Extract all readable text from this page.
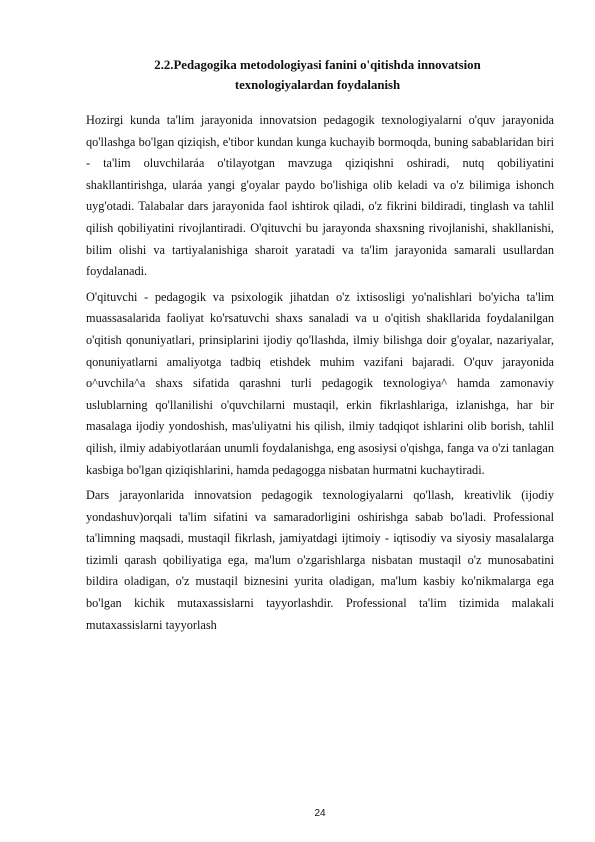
2.2.Pedagogika metodologiyasi fanini o'qitishda innovatsion
texnologiyalardan foydalanish

Hozirgi kunda ta'lim jarayonida innovatsion pedagogik texnologiyalarni o'quv jarayonida qo'llashga bo'lgan qiziqish, e'tibor kundan kunga kuchayib bormoqda, buning sabablaridan biri - ta'lim oluvchilaráa o'tilayotgan mavzuga qiziqishni oshiradi, nutq qobiliyatini shakllantirishga, ularáa yangi g'oyalar paydo bo'lishiga olib keladi va o'z bilimiga ishonch uyg'otadi. Talabalar dars jarayonida faol ishtirok qiladi, o'z fikrini bildiradi, tinglash va tahlil qilish qobiliyatini rivojlantiradi. O'qituvchi bu jarayonda shaxsning rivojlanishi, shakllanishi, bilim olishi va tartiyalanishiga sharoit yaratadi va ta'lim jarayonida samarali usullardan foydalanadi.

O'qituvchi - pedagogik va psixologik jihatdan o'z ixtisosligi yo'nalishlari bo'yicha ta'lim muassasalarida faoliyat ko'rsatuvchi shaxs sanaladi va u o'qitish shakllarida foydalanilgan o'qitish qonuniyatlari, prinsiplarini ijodiy qo'llashda, ilmiy bilishga doir g'oyalar, nazariyalar, qonuniyatlarni amaliyotga tadbiq etishdek muhim vazifani bajaradi. O'quv jarayonida o^uvchila^a shaxs sifatida qarashni turli pedagogik texnologiya^ hamda zamonaviy uslublarning qo'llanilishi o'quvchilarni mustaqil, erkin fikrlashlariga, izlanishga, har bir masalaga ijodiy yondoshish, mas'uliyatni his qilish, ilmiy tadqiqot ishlarini olib borish, tahlil qilish, ilmiy adabiyotlaráan unumli foydalanishga, eng asosiysi o'qishga, fanga va o'zi tanlagan kasbiga bo'lgan qiziqishlarini, hamda pedagogga nisbatan hurmatni kuchaytiradi.

Dars jarayonlarida innovatsion pedagogik texnologiyalarni qo'llash, kreativlik (ijodiy yondashuv)orqali ta'lim sifatini va samaradorligini oshirishga sabab bo'ladi. Professional ta'limning maqsadi, mustaqil fikrlash, jamiyatdagi ijtimoiy - iqtisodiy va siyosiy masalalarga tizimli qarash qobiliyatiga ega, ma'lum o'zgarishlarga nisbatan mustaqil o'z munosabatini bildira oladigan, o'z mustaqil biznesini yurita oladigan, ma'lum kasbiy ko'nikmalarga ega bo'lgan kichik mutaxassislarni tayyorlashdir. Professional ta'lim tizimida malakali mutaxassislarni tayyorlash

24
